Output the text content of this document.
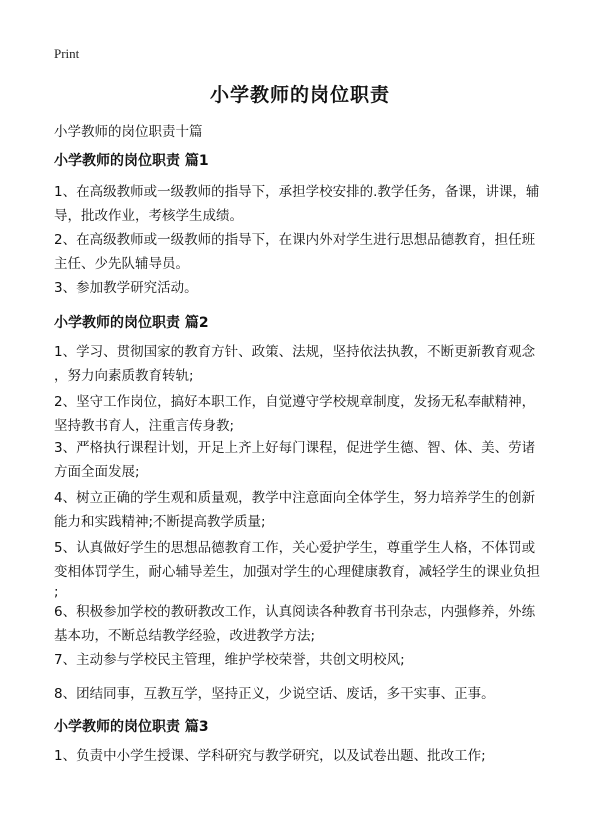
Print
小学教师的岗位职责
小学教师的岗位职责十篇
小学教师的岗位职责 篇1
1、在高级教师或一级教师的指导下，承担学校安排的.教学任务，备课，讲课，辅
导，批改作业，考核学生成绩。
2、在高级教师或一级教师的指导下，在课内外对学生进行思想品德教育，担任班
主任、少先队辅导员。
3、参加教学研究活动。
小学教师的岗位职责 篇2
1、学习、贯彻国家的教育方针、政策、法规，坚持依法执教，不断更新教育观念
，努力向素质教育转轨;
2、坚守工作岗位，搞好本职工作，自觉遵守学校规章制度，发扬无私奉献精神，
坚持教书育人，注重言传身教;
3、严格执行课程计划，开足上齐上好每门课程，促进学生德、智、体、美、劳诸
方面全面发展;
4、树立正确的学生观和质量观，教学中注意面向全体学生，努力培养学生的创新
能力和实践精神;不断提高教学质量;
5、认真做好学生的思想品德教育工作，关心爱护学生，尊重学生人格，不体罚或
变相体罚学生，耐心辅导差生，加强对学生的心理健康教育，减轻学生的课业负担
;
6、积极参加学校的教研教改工作，认真阅读各种教育书刊杂志，内强修养，外练
基本功，不断总结教学经验，改进教学方法;
7、主动参与学校民主管理，维护学校荣誉，共创文明校风;
8、团结同事，互教互学，坚持正义，少说空话、废话，多干实事、正事。
小学教师的岗位职责 篇3
1、负责中小学生授课、学科研究与教学研究，以及试卷出题、批改工作;
